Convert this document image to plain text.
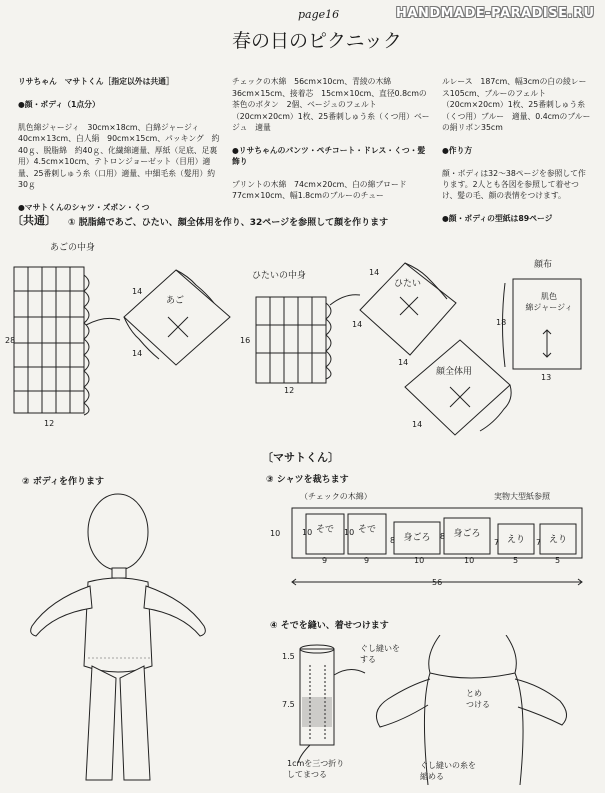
page16	HANDMADE-PARADISE.RU
春の日のピクニック

リサちゃん　マサトくん［指定以外は共通］

●顔・ボディ（1点分）

肌色綿ジャージィ　30cm×18cm、白綿ジャージィ　40cm×13cm、白人絹　90cm×15cm、パッキング　約40ｇ、脱脂綿　約40ｇ、化繊綿適量、厚紙（足底、足裏用）4.5cm×10cm、テトロンジョーゼット（目用）適量、25番刺しゅう糸（口用）適量、中細毛糸（髪用）約30ｇ

●マサトくんのシャツ・ズボン・くつ

チェックの木綿　56cm×10cm、青綾の木綿36cm×15cm、接着芯　15cm×10cm、直径0.8cmの茶色のボタン　2個、ベージュのフェルト（20cm×20cm）1枚、25番刺しゅう糸（くつ用）ベージュ　適量

●リサちゃんのパンツ・ペチコート・ドレス・くつ・髪飾り

プリントの木綿　74cm×20cm、白の綿ブロード　77cm×10cm、幅1.8cmのブルーのチュー

ルレース　187cm、幅3cmの白の綾レース105cm、ブルーのフェルト（20cm×20cm）1枚、25番刺しゅう糸（くつ用）ブルー　適量、0.4cmのブルーの絹リボン35cm

●作り方

顔・ボディは32〜38ページを参照して作ります。2人とも各図を参照して着せつけ、髪の毛、顔の表情をつけます。

●顔・ボディの型紙は89ページ

〔共通〕 ① 脱脂綿であご、ひたい、顔全体用を作り、32ページを参照して顔を作ります
あごの中身
ひたいの中身
顔布
28
12
あご
14
14
16
12
ひたい
14
14
顔全体用
14
14
肌色
綿ジャージィ
18
13
② ボディを作ります
〔マサトくん〕
③ シャツを裁ちます
（チェックの木綿）	実物大型紙参照
10	そで
10
9
そで
10
9
身ごろ
8
10
身ごろ
8
10
えり
7
5
えり
7
5
56
④ そでを縫い、着せつけます
1.5
7.5
ぐし縫いを
する
1cmを三つ折り
してまつる
とめ
つける
ぐし縫いの糸を
縮める
